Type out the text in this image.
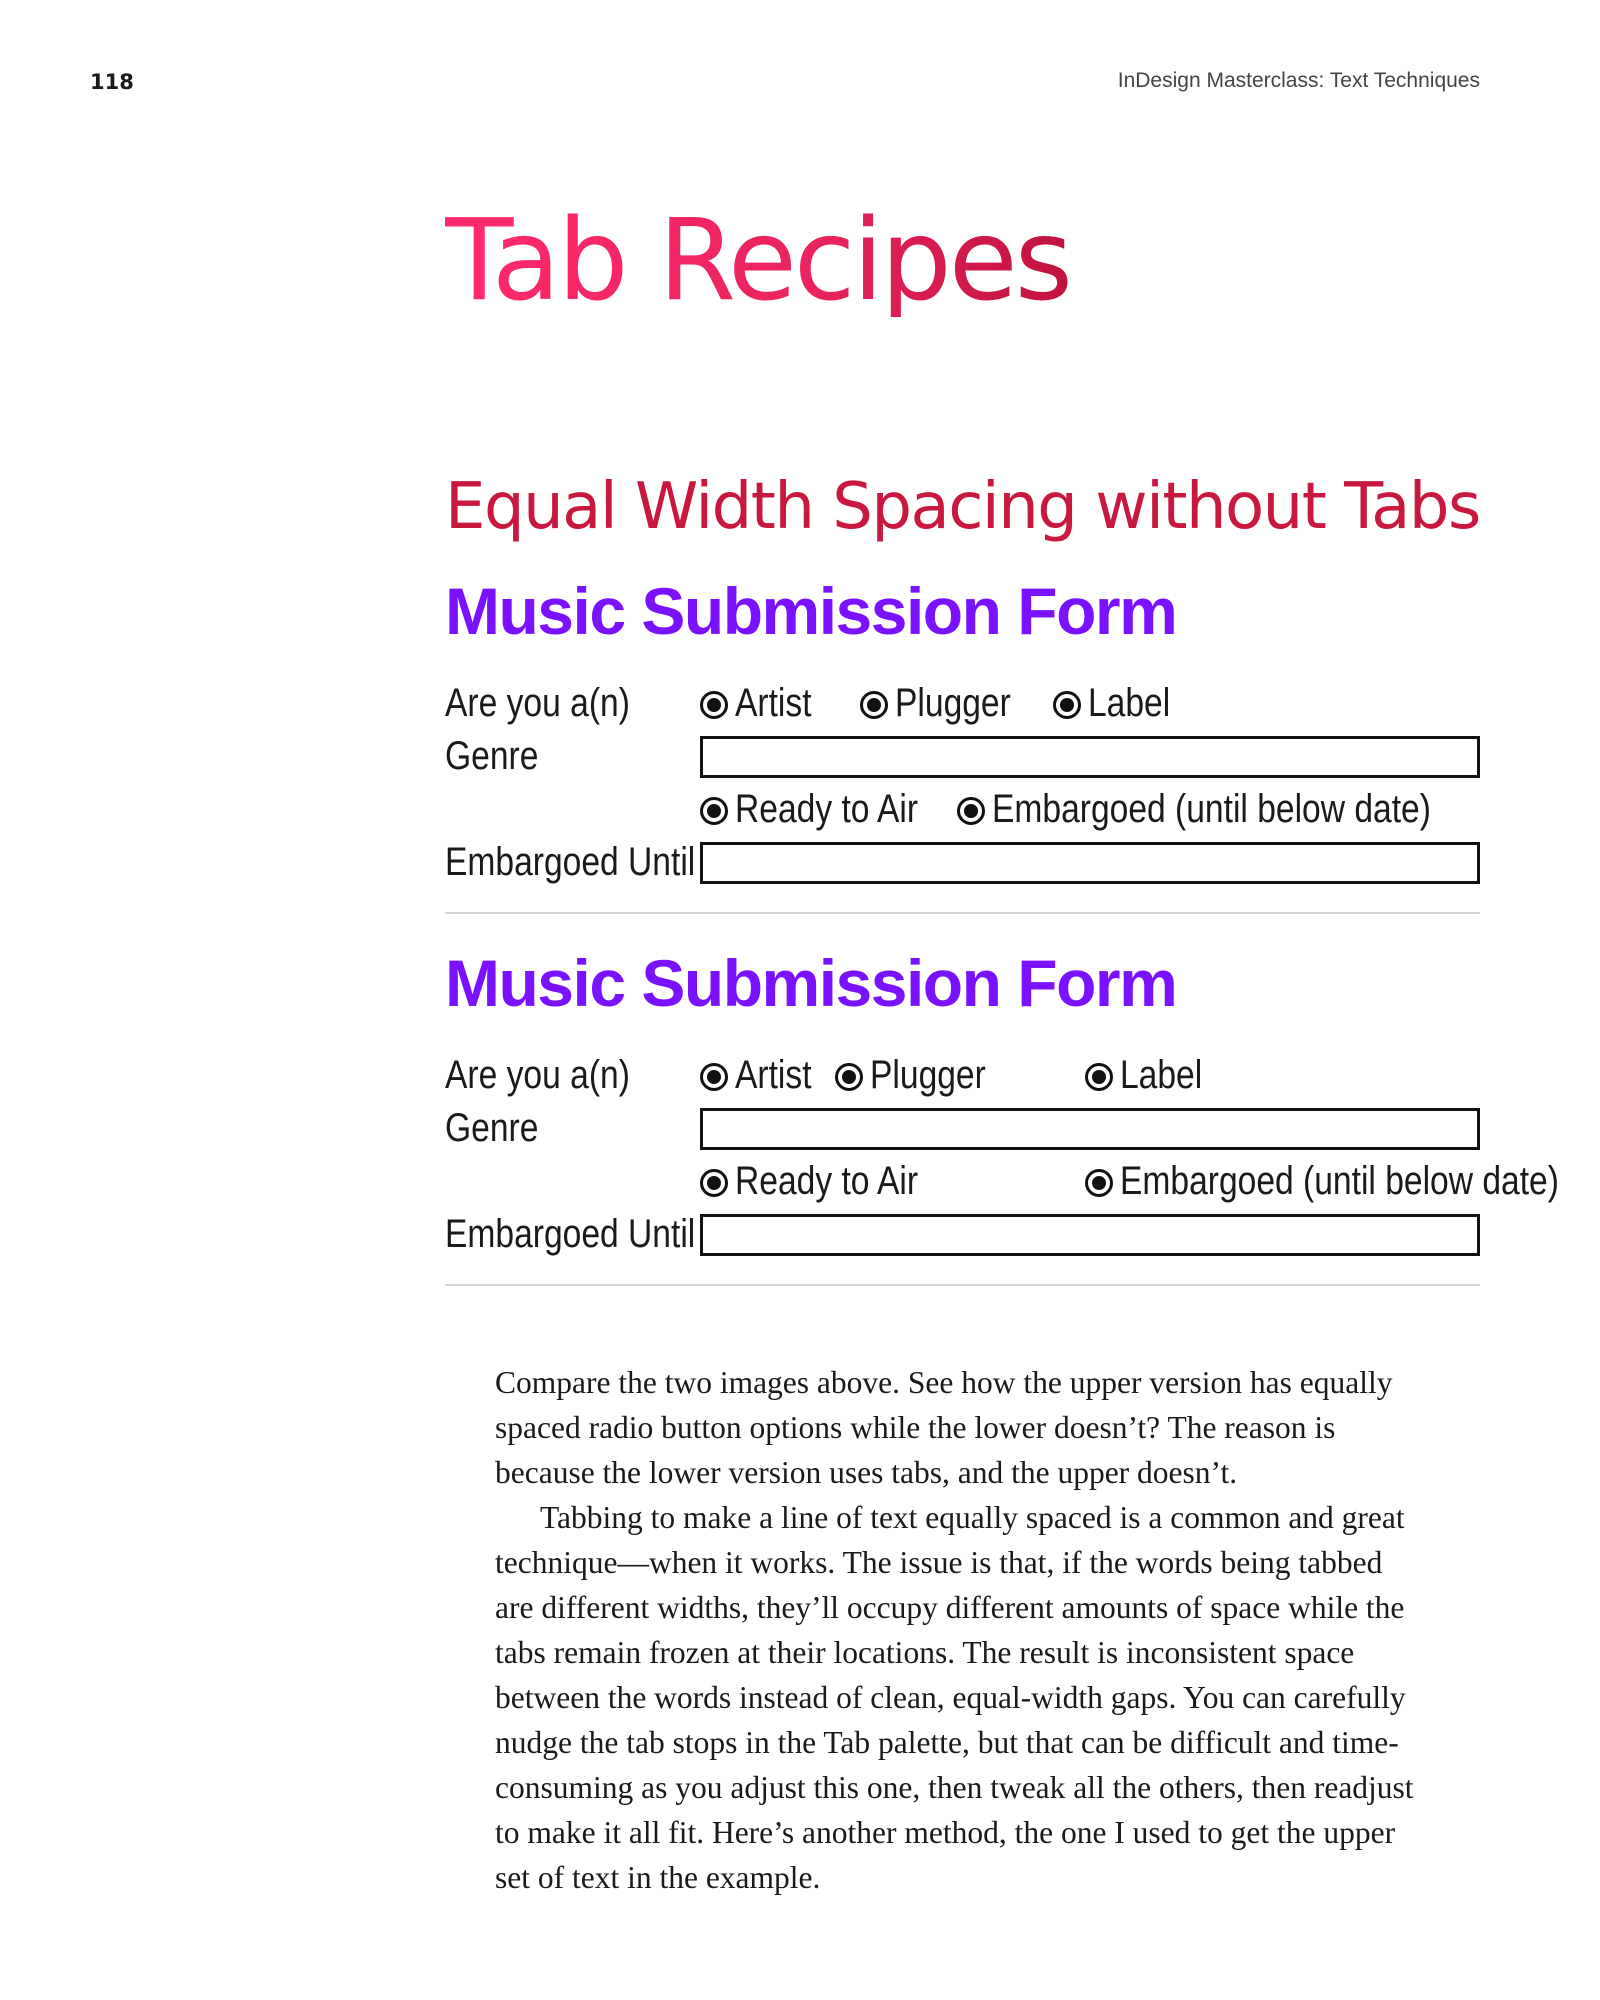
118	InDesign Masterclass: Text Techniques
Tab Recipes
Equal Width Spacing without Tabs
Music Submission Form
Are you a(n)	Artist Plugger Label
Genre
Ready to Air Embargoed (until below date)
Embargoed Until
Music Submission Form
Are you a(n)	Artist Plugger	Label
Genre
Ready to Air	Embargoed (until below date)
Embargoed Until

Compare the two images above. See how the upper version has equally spaced radio button options while the lower doesn’t? The reason is because the lower version uses tabs, and the upper doesn’t.

Tabbing to make a line of text equally spaced is a common and great technique—when it works. The issue is that, if the words being tabbed are different widths, they’ll occupy different amounts of space while the tabs remain frozen at their locations. The result is inconsistent space between the words instead of clean, equal-width gaps. You can carefully nudge the tab stops in the Tab palette, but that can be difficult and time-consuming as you adjust this one, then tweak all the others, then readjust to make it all fit. Here’s another method, the one I used to get the upper set of text in the example.
